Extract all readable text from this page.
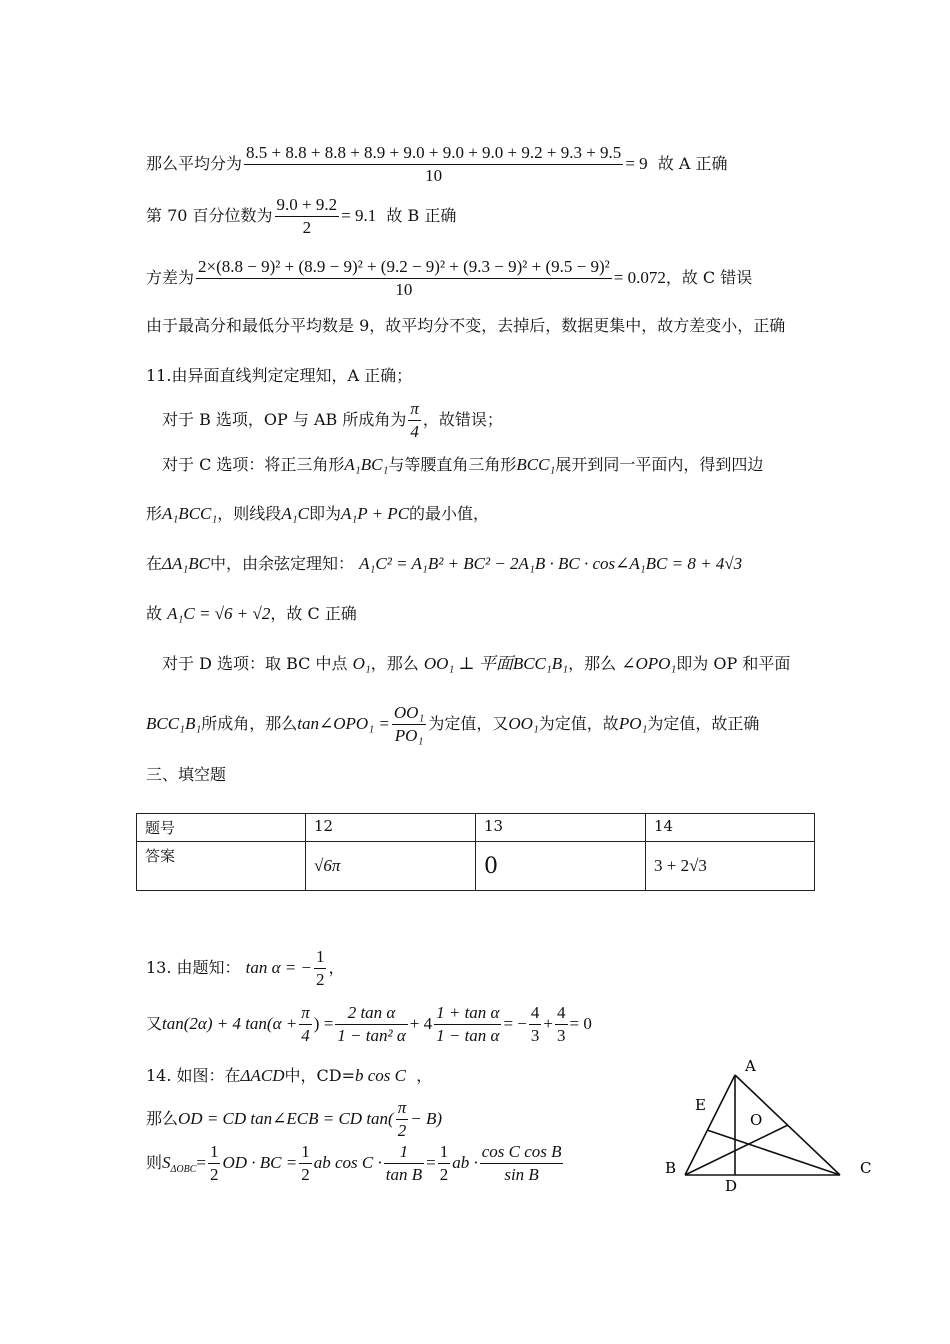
那么平均分为 $\frac{8.5 + 8.8 + 8.8 + 8.9 + 9.0 + 9.0 + 9.0 + 9.2 + 9.3 + 9.5}{10} = 9$ 故 A 正确
第 70 百分位数为 $\frac{9.0 + 9.2}{2} = 9.1$ 故 B 正确
方差为
2×(8.8 − 9)² + (8.9 − 9)² + (9.2 − 9)² + (9.3 − 9)² + (9.5 − 9)²
10
= 0.072，故 C 错误
由于最高分和最低分平均数是 9，故平均分不变，去掉后，数据更集中，故方差变小，正确
11.由异面直线判定定理知，A 正确；
对于 B 选项，OP 与 AB 所成角为 $\frac{\pi}{4}$ ，故错误；
对于 C 选项：将正三角形A₁BC₁与等腰直角三角形BCC₁展开到同一平面内，得到四边
形A₁BCC₁，则线段A₁C即为A₁P + PC的最小值，
在ΔA₁BC中，由余弦定理知： A₁C² = A₁B² + BC² − 2A₁B · BC · cos∠A₁BC = 8 + 4√3
故 A₁C = √6 + √2，故 C 正确
对于 D 选项：取 BC 中点 O₁，那么 OO₁ ⊥ 平面BCC₁B₁，那么 ∠OPO₁即为 OP 和平面
BCC₁B₁所成角，那么tan∠OPO₁ = $\frac{\text{OO₁}}{\text{PO₁}}$ 为定值，又OO₁为定值，故PO₁为定值，故正确
三、填空题
题号	12	13	14
答案	√6π	0	3 + 2√3
13. 由题知： tan α = − $\frac{1}{2}$ ，
又tan(2α) + 4 $\tan(\alpha + \frac{\pi}{4}$ ) = $\frac{\text{2 tan α}}{\text{1 − tan² α}} + 4 \frac{\text{1 + tan α}}{\text{1 − tan α}}$ = − $\frac{4}{3} + \frac{4}{3} = 0$
14. 如图：在ΔACD中，CD=b cos C ，
那么OD = CD tan∠ECB = CD $\tan( \frac{\pi}{2} - B)$
则$S_{\Delta OBC}= \frac{1}{2}$ OD · BC = $\frac{1}{2}$ ab $\cos C \cdot \frac{1}{\text{tan B}} = \frac{1}{2}$ ab · $\frac{\text{cos C cos B}}{\text{sin B}}$
A
E
O
B	C
D
